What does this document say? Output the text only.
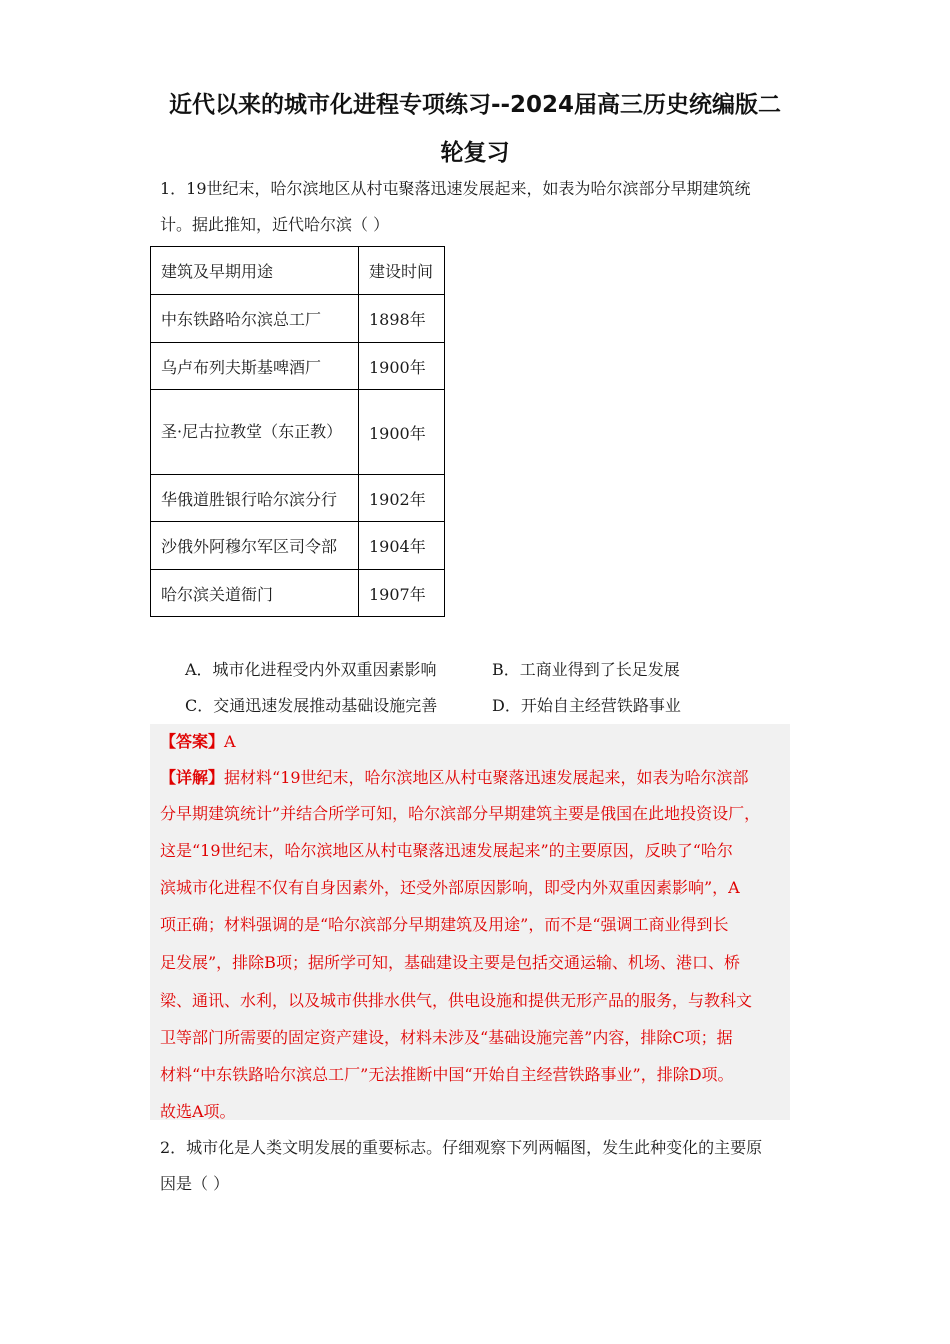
近代以来的城市化进程专项练习--2024届高三历史统编版二
轮复习
1．19世纪末，哈尔滨地区从村屯聚落迅速发展起来，如表为哈尔滨部分早期建筑统
计。据此推知，近代哈尔滨（ ）
建筑及早期用途	建设时间
中东铁路哈尔滨总工厂	1898年
乌卢布列夫斯基啤酒厂	1900年
圣·尼古拉教堂（东正教）	1900年
华俄道胜银行哈尔滨分行	1902年
沙俄外阿穆尔军区司令部	1904年
哈尔滨关道衙门	1907年
A．城市化进程受内外双重因素影响	B．工商业得到了长足发展
C．交通迅速发展推动基础设施完善	D．开始自主经营铁路事业
【答案】A
【详解】据材料“19世纪末，哈尔滨地区从村屯聚落迅速发展起来，如表为哈尔滨部
分早期建筑统计”并结合所学可知，哈尔滨部分早期建筑主要是俄国在此地投资设厂，
这是“19世纪末，哈尔滨地区从村屯聚落迅速发展起来”的主要原因，反映了“哈尔
滨城市化进程不仅有自身因素外，还受外部原因影响，即受内外双重因素影响”，A
项正确；材料强调的是“哈尔滨部分早期建筑及用途”，而不是“强调工商业得到长
足发展”，排除B项；据所学可知，基础建设主要是包括交通运输、机场、港口、桥
梁、通讯、水利，以及城市供排水供气，供电设施和提供无形产品的服务，与教科文
卫等部门所需要的固定资产建设，材料未涉及“基础设施完善”内容，排除C项；据
材料“中东铁路哈尔滨总工厂”无法推断中国“开始自主经营铁路事业”，排除D项。
故选A项。
2．城市化是人类文明发展的重要标志。仔细观察下列两幅图，发生此种变化的主要原
因是（ ）
